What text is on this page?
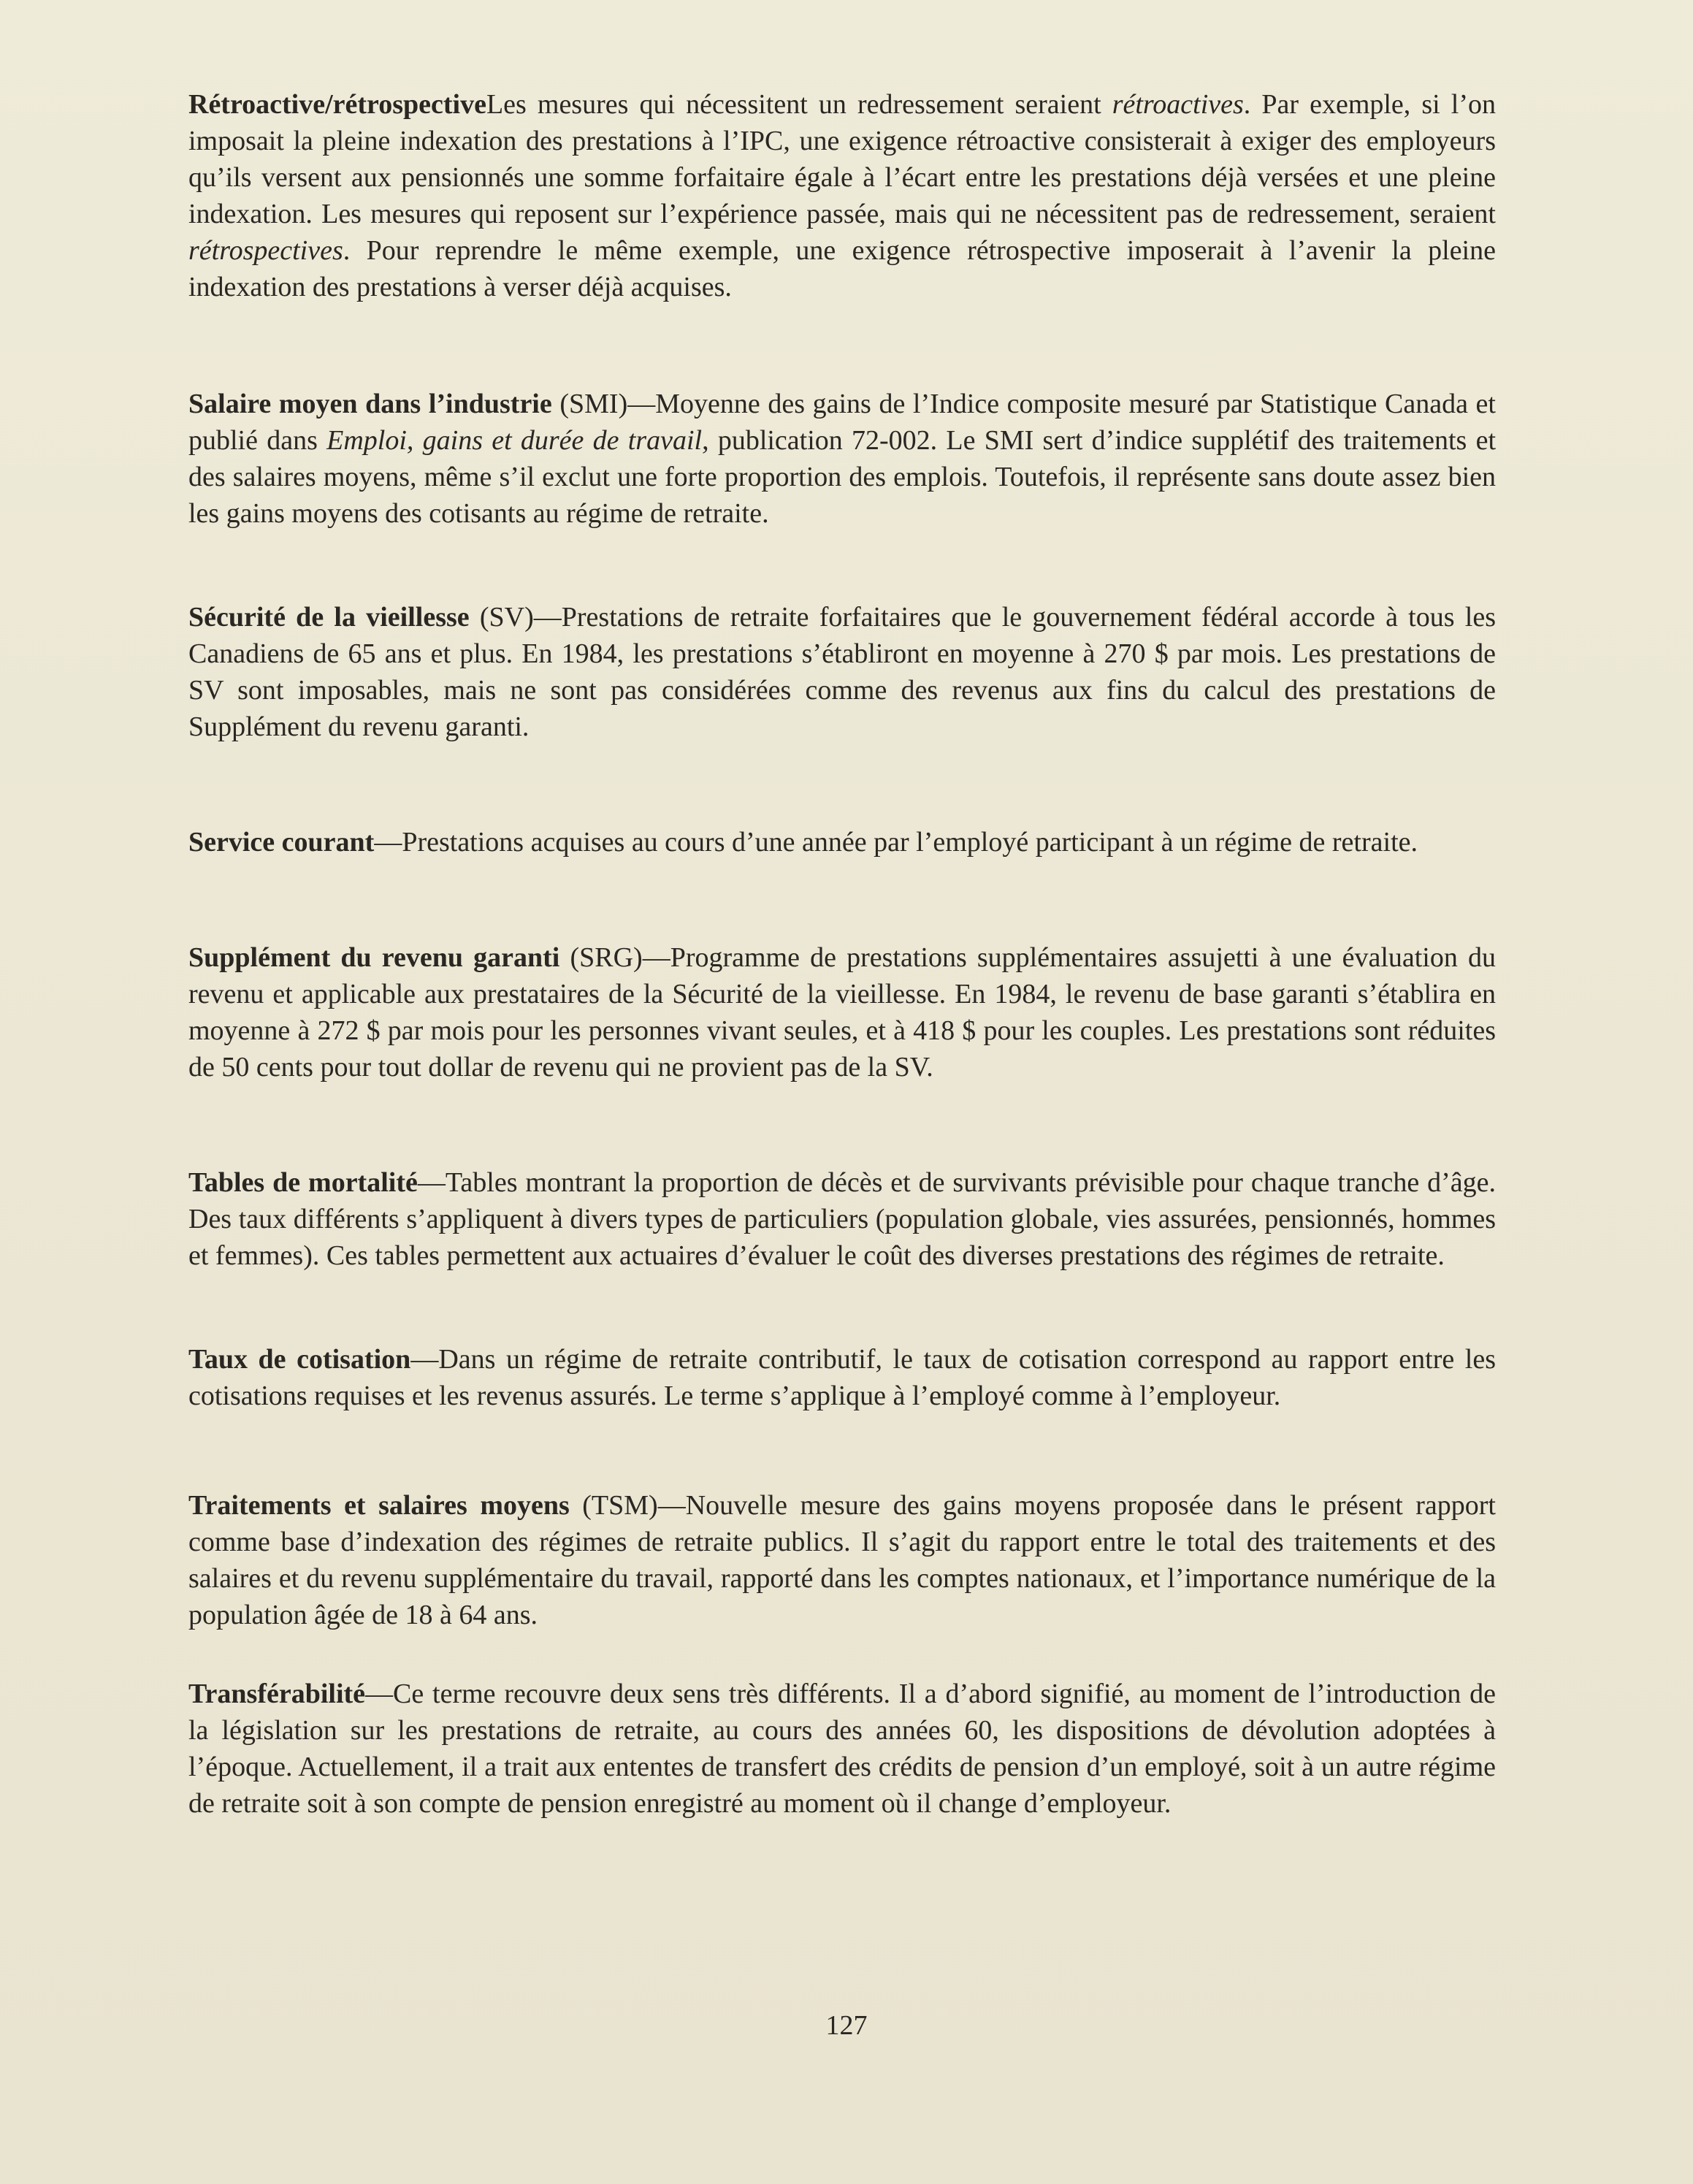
Rétroactive/rétrospectiveLes mesures qui nécessitent un redressement seraient rétroactives. Par exemple, si l’on imposait la pleine indexation des prestations à l’IPC, une exigence rétroactive consisterait à exiger des employeurs qu’ils versent aux pensionnés une somme forfaitaire égale à l’écart entre les prestations déjà versées et une pleine indexation. Les mesures qui reposent sur l’expérience passée, mais qui ne nécessitent pas de redressement, seraient rétrospectives. Pour reprendre le même exemple, une exigence rétrospective imposerait à l’avenir la pleine indexation des prestations à verser déjà acquises.

Salaire moyen dans l’industrie (SMI)—Moyenne des gains de l’Indice composite mesuré par Statistique Canada et publié dans Emploi, gains et durée de travail, publication 72-002. Le SMI sert d’indice supplétif des traitements et des salaires moyens, même s’il exclut une forte proportion des emplois. Toutefois, il représente sans doute assez bien les gains moyens des cotisants au régime de retraite.

Sécurité de la vieillesse (SV)—Prestations de retraite forfaitaires que le gouvernement fédéral accorde à tous les Canadiens de 65 ans et plus. En 1984, les prestations s’établiront en moyenne à 270 $ par mois. Les prestations de SV sont imposables, mais ne sont pas considérées comme des revenus aux fins du calcul des prestations de Supplément du revenu garanti.

Service courant—Prestations acquises au cours d’une année par l’employé participant à un régime de retraite.

Supplément du revenu garanti (SRG)—Programme de prestations supplémentaires assujetti à une évaluation du revenu et applicable aux prestataires de la Sécurité de la vieillesse. En 1984, le revenu de base garanti s’établira en moyenne à 272 $ par mois pour les personnes vivant seules, et à 418 $ pour les couples. Les prestations sont réduites de 50 cents pour tout dollar de revenu qui ne provient pas de la SV.

Tables de mortalité—Tables montrant la proportion de décès et de survivants prévisible pour chaque tranche d’âge. Des taux différents s’appliquent à divers types de particuliers (population globale, vies assurées, pensionnés, hommes et femmes). Ces tables permettent aux actuaires d’évaluer le coût des diverses prestations des régimes de retraite.

Taux de cotisation—Dans un régime de retraite contributif, le taux de cotisation correspond au rapport entre les cotisations requises et les revenus assurés. Le terme s’applique à l’employé comme à l’employeur.

Traitements et salaires moyens (TSM)—Nouvelle mesure des gains moyens proposée dans le présent rapport comme base d’indexation des régimes de retraite publics. Il s’agit du rapport entre le total des traitements et des salaires et du revenu supplémentaire du travail, rapporté dans les comptes nationaux, et l’importance numérique de la population âgée de 18 à 64 ans.

Transférabilité—Ce terme recouvre deux sens très différents. Il a d’abord signifié, au moment de l’introduction de la législation sur les prestations de retraite, au cours des années 60, les dispositions de dévolution adoptées à l’époque. Actuellement, il a trait aux ententes de transfert des crédits de pension d’un employé, soit à un autre régime de retraite soit à son compte de pension enregistré au moment où il change d’employeur.

127
